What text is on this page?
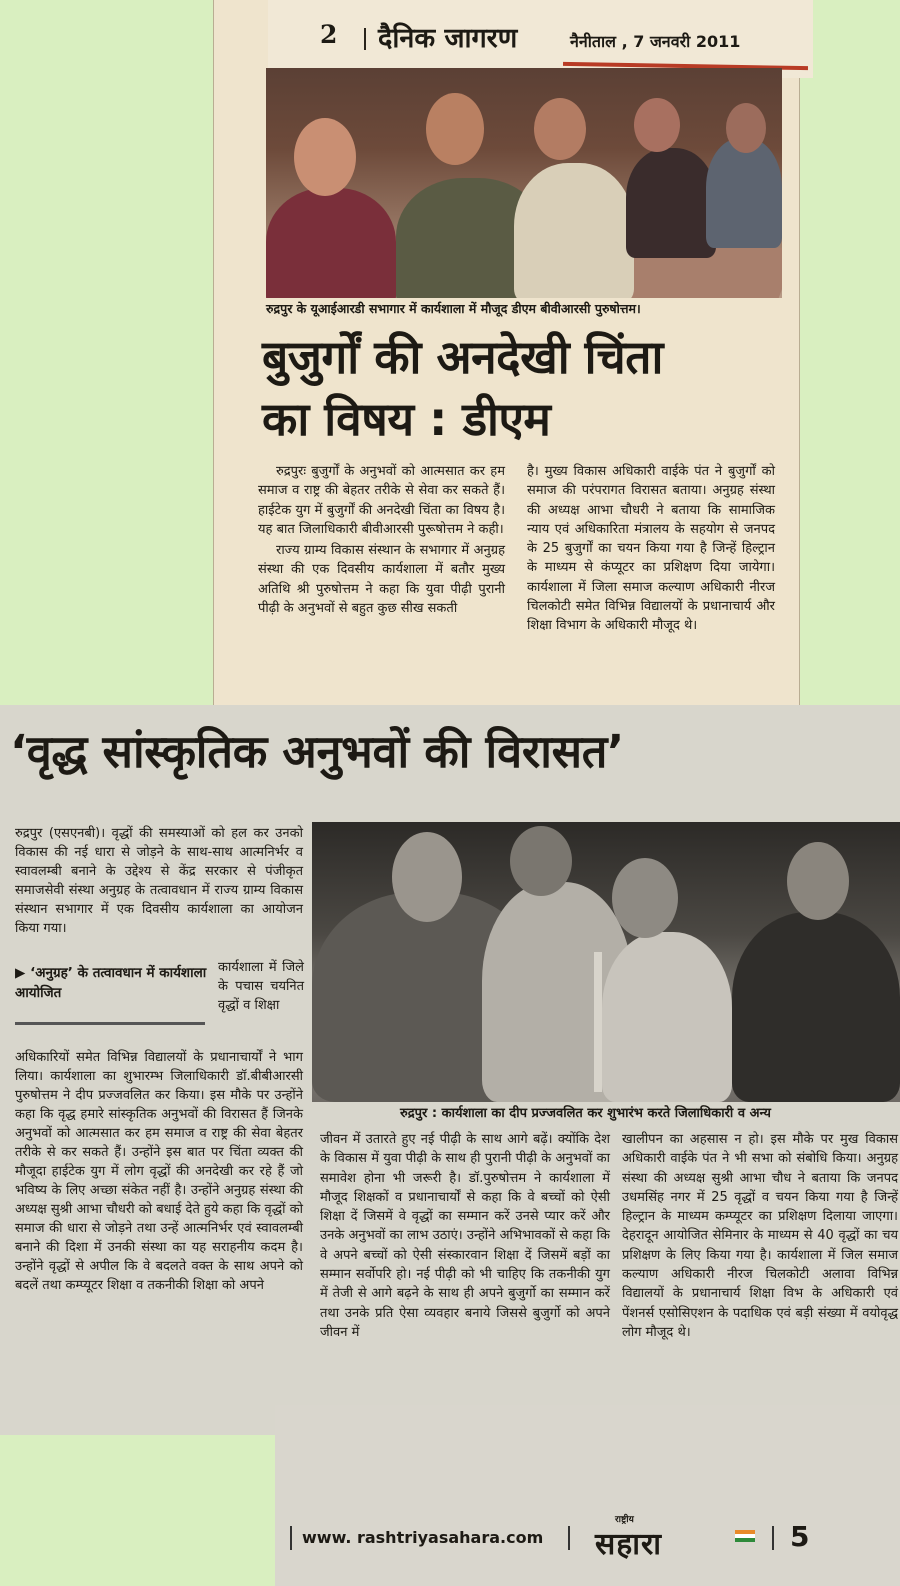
2 दैनिक जागरण	नैनीताल , 7 जनवरी 2011
रुद्रपुर के यूआईआरडी सभागार में कार्यशाला में मौजूद डीएम बीवीआरसी पुरुषोत्तम।
बुजुर्गों की अनदेखी चिंता
का विषय : डीएम

रुद्रपुरः बुजुर्गों के अनुभवों को आत्मसात कर हम समाज व राष्ट्र की बेहतर तरीके से सेवा कर सकते हैं। हाईटेक युग में बुजुर्गों की अनदेखी चिंता का विषय है। यह बात जिलाधिकारी बीवीआरसी पुरूषोत्तम ने कही।

राज्य ग्राम्य विकास संस्थान के सभागार में अनुग्रह संस्था की एक दिवसीय कार्यशाला में बतौर मुख्य अतिथि श्री पुरुषोत्तम ने कहा कि युवा पीढ़ी पुरानी पीढ़ी के अनुभवों से बहुत कुछ सीख सकती

है। मुख्य विकास अधिकारी वाईके पंत ने बुजुर्गों को समाज की परंपरागत विरासत बताया। अनुग्रह संस्था की अध्यक्ष आभा चौधरी ने बताया कि सामाजिक न्याय एवं अधिकारिता मंत्रालय के सहयोग से जनपद के 25 बुजुर्गों का चयन किया गया है जिन्हें हिल्ट्रान के माध्यम से कंप्यूटर का प्रशिक्षण दिया जायेगा। कार्यशाला में जिला समाज कल्याण अधिकारी नीरज चिलकोटी समेत विभिन्न विद्यालयों के प्रधानाचार्य और शिक्षा विभाग के अधिकारी मौजूद थे।

‘वृद्ध सांस्कृतिक अनुभवों की विरासत’
रुद्रपुर (एसएनबी)। वृद्धों की समस्याओं को हल कर उनको विकास की नई धारा से जोड़ने के साथ-साथ आत्मनिर्भर व स्वावलम्बी बनाने के उद्देश्य से केंद्र सरकार से पंजीकृत समाजसेवी संस्था अनुग्रह के तत्वावधान में राज्य ग्राम्य विकास संस्थान सभागार में एक दिवसीय कार्यशाला का आयोजन किया गया।
▶ ‘अनुग्रह’ के तत्वावधान में कार्यशाला आयोजित
कार्यशाला में जिले के पचास चयनित वृद्धों व शिक्षा
अधिकारियों समेत विभिन्न विद्यालयों के प्रधानाचार्यों ने भाग लिया। कार्यशाला का शुभारम्भ जिलाधिकारी डॉ.बीबीआरसी पुरुषोत्तम ने दीप प्रज्जवलित कर किया। इस मौके पर उन्होंने कहा कि वृद्ध हमारे सांस्कृतिक अनुभवों की विरासत हैं जिनके अनुभवों को आत्मसात कर हम समाज व राष्ट्र की सेवा बेहतर तरीके से कर सकते हैं। उन्होंने इस बात पर चिंता व्यक्त की मौजूदा हाईटेक युग में लोग वृद्धों की अनदेखी कर रहे हैं जो भविष्य के लिए अच्छा संकेत नहीं है। उन्होंने अनुग्रह संस्था की अध्यक्ष सुश्री आभा चौधरी को बधाई देते हुये कहा कि वृद्धों को समाज की धारा से जोड़ने तथा उन्हें आत्मनिर्भर एवं स्वावलम्बी बनाने की दिशा में उनकी संस्था का यह सराहनीय कदम है। उन्होंने वृद्धों से अपील कि वे बदलते वक्त के साथ अपने को बदलें तथा कम्प्यूटर शिक्षा व तकनीकी शिक्षा को अपने
रुद्रपुर : कार्यशाला का दीप प्रज्जवलित कर शुभारंभ करते जिलाधिकारी व अन्य
जीवन में उतारते हुए नई पीढ़ी के साथ आगे बढ़ें। क्योंकि देश के विकास में युवा पीढ़ी के साथ ही पुरानी पीढ़ी के अनुभवों का समावेश होना भी जरूरी है। डॉ.पुरुषोत्तम ने कार्यशाला में मौजूद शिक्षकों व प्रधानाचार्यों से कहा कि वे बच्चों को ऐसी शिक्षा दें जिसमें वे वृद्धों का सम्मान करें उनसे प्यार करें और उनके अनुभवों का लाभ उठाएं। उन्होंने अभिभावकों से कहा कि वे अपने बच्चों को ऐसी संस्कारवान शिक्षा दें जिसमें बड़ों का सम्मान सर्वोपरि हो। नई पीढ़ी को भी चाहिए कि तकनीकी युग में तेजी से आगे बढ़ने के साथ ही अपने बुजुर्गो का सम्मान करें तथा उनके प्रति ऐसा व्यवहार बनाये जिससे बुजुर्गो को अपने जीवन में
खालीपन का अहसास न हो। इस मौके पर मुख विकास अधिकारी वाईके पंत ने भी सभा को संबोधि किया। अनुग्रह संस्था की अध्यक्ष सुश्री आभा चौध ने बताया कि जनपद उधमसिंह नगर में 25 वृद्धों व चयन किया गया है जिन्हें हिल्ट्रान के माध्यम कम्प्यूटर का प्रशिक्षण दिलाया जाएगा। देहरादून आयोजित सेमिनार के माध्यम से 40 वृद्धों का चय प्रशिक्षण के लिए किया गया है। कार्यशाला में जिल समाज कल्याण अधिकारी नीरज चिलकोटी अलावा विभिन्न विद्यालयों के प्रधानाचार्य शिक्षा विभ के अधिकारी एवं पेंशनर्स एसोसिएशन के पदाधिक एवं बड़ी संख्या में वयोवृद्ध लोग मौजूद थे।
www. rashtriyasahara.com
राष्ट्रीय
सहारा	5
